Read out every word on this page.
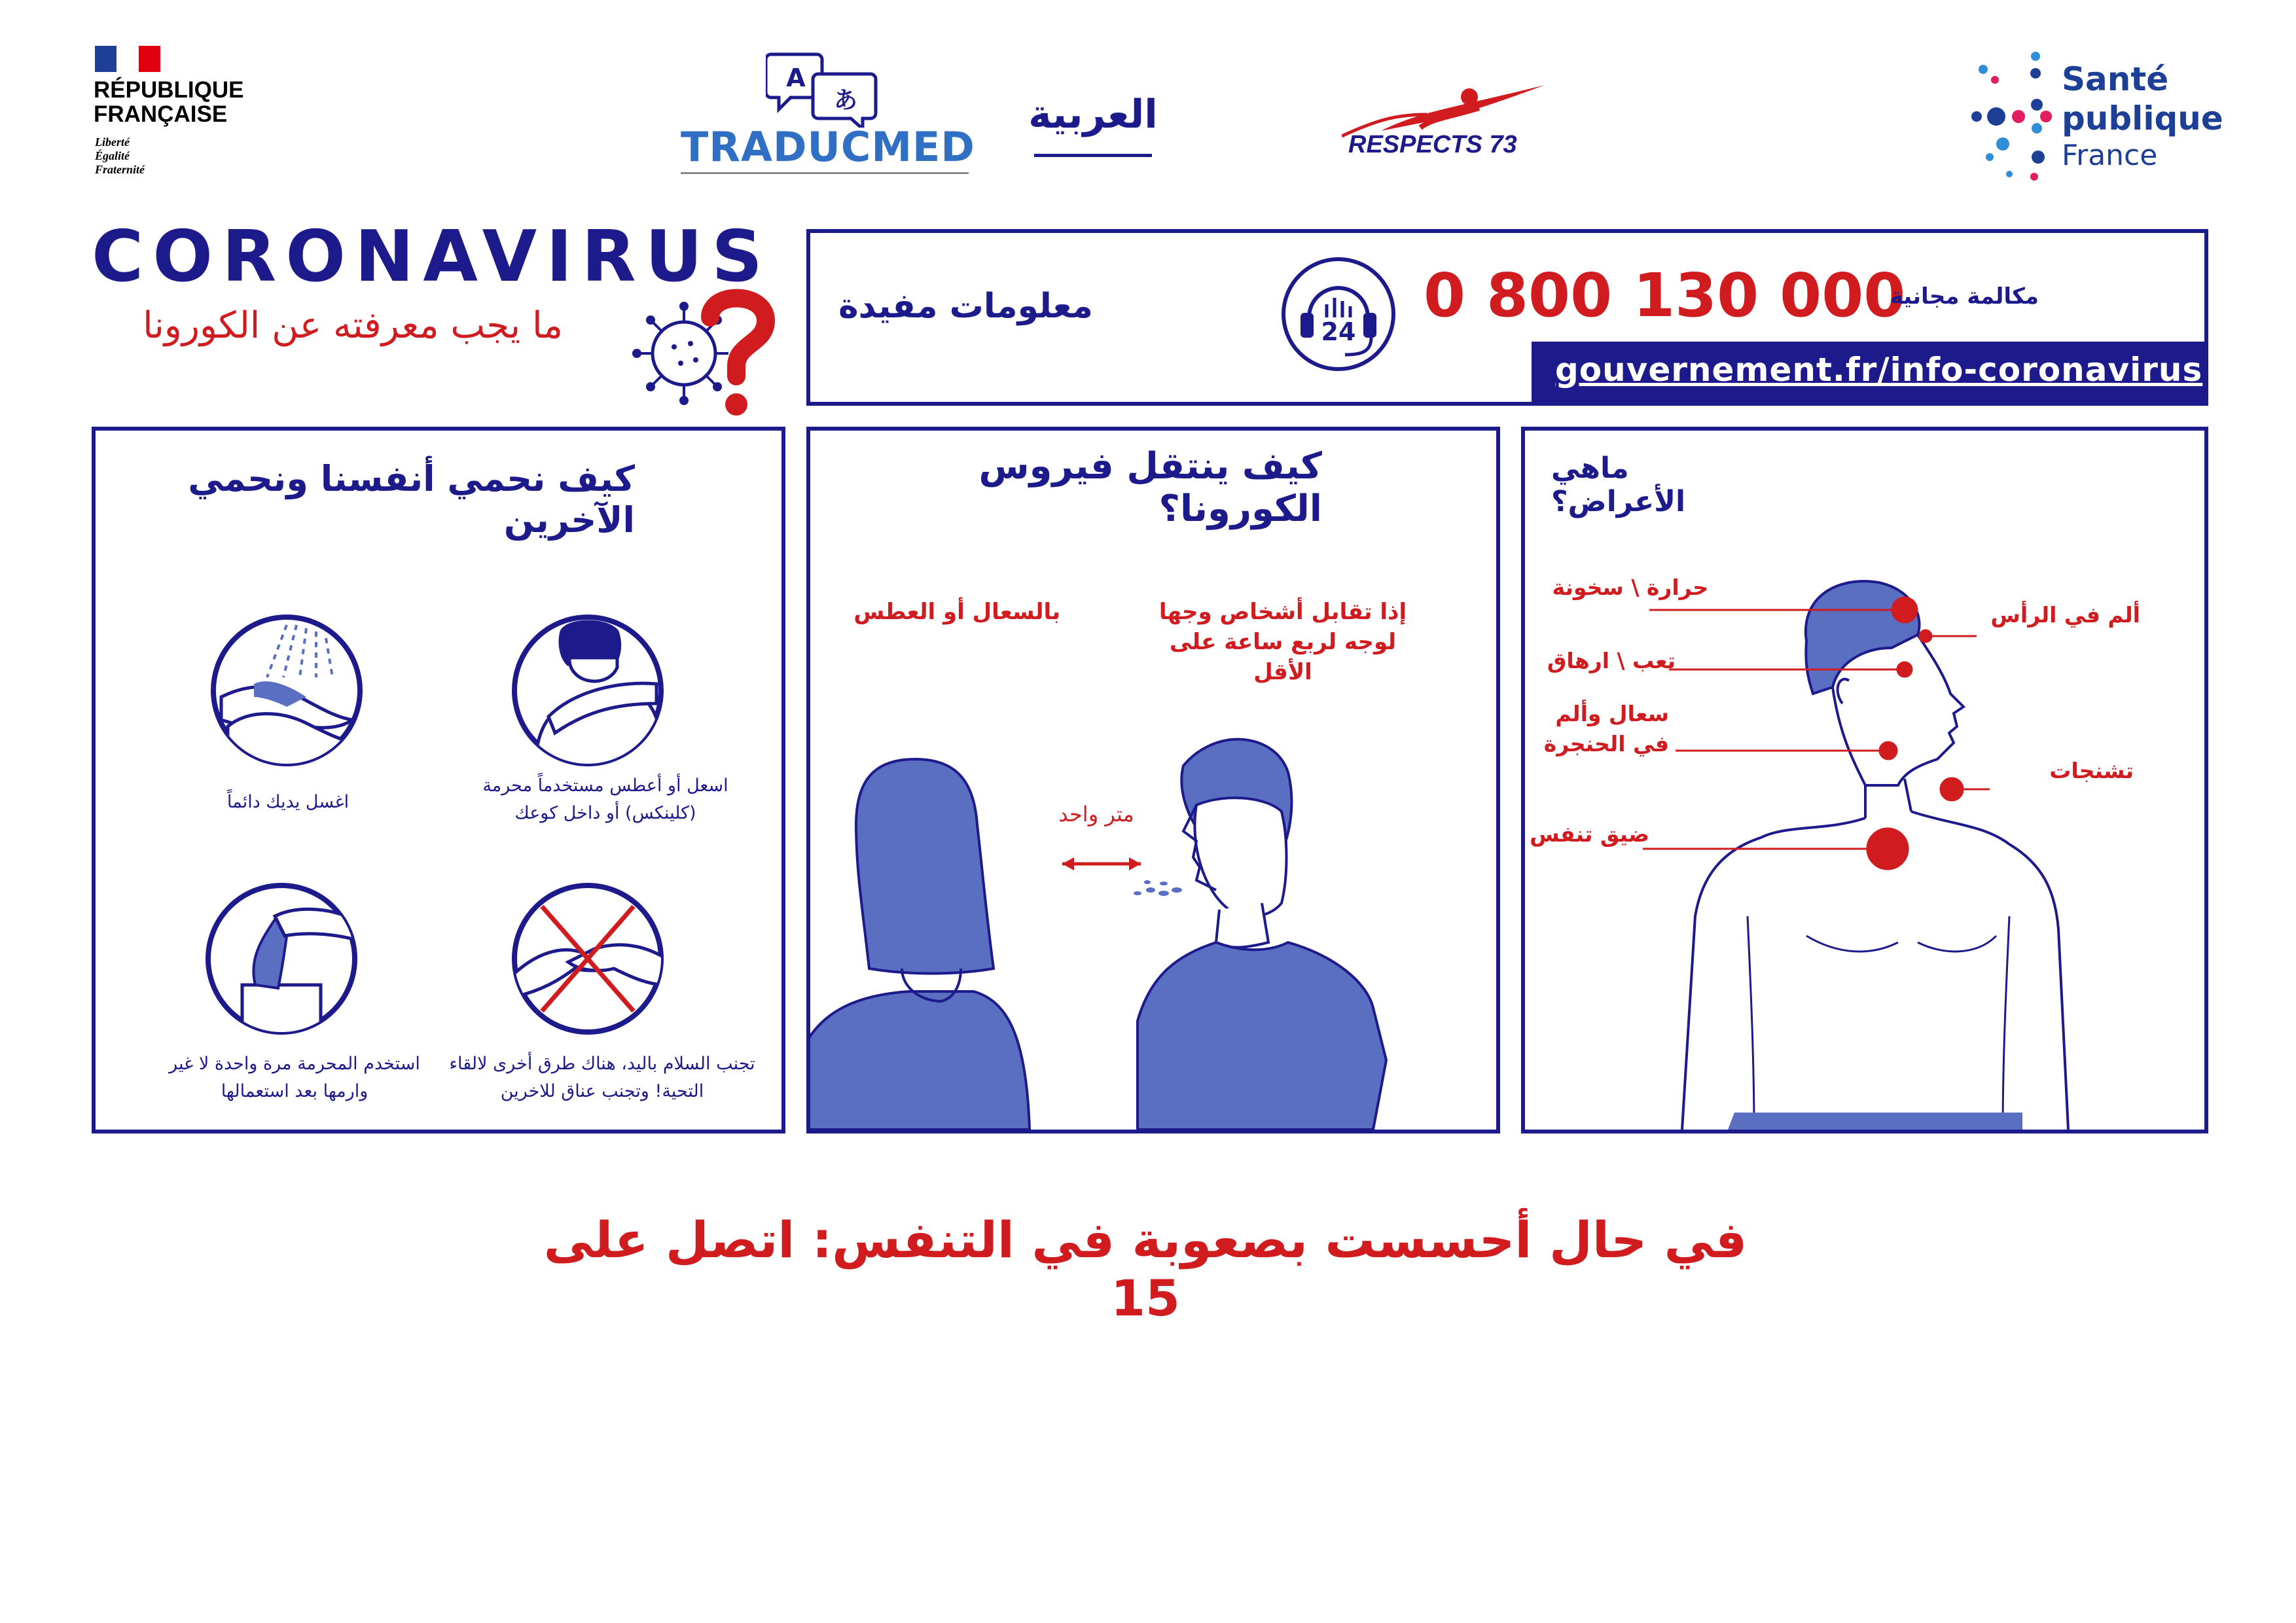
RÉPUBLIQUE
FRANÇAISE
Liberté
Égalité
Fraternité
A
あ
TRADUCMED
العربية
RESPECTS 73
Santé
publique
France
CORONAVIRUS
ما يجب معرفته عن الكورونا	معلومات مفيدة
24
0 800 130 000
مكالمة مجانية
gouvernement.fr/info-coronavirus
كيف نحمي أنفسنا ونحمي الآخرين
اسعل أو أعطس مستخدماً محرمة (كلينكس) أو داخل كوعك
اغسل يديك دائماً
تجنب السلام باليد، هناك طرق أخرى لالقاء التحية! وتجنب عناق للاخرين
استخدم المحرمة مرة واحدة لا غير وارمها بعد استعمالها
كيف ينتقل فيروس الكورونا؟
إذا تقابل أشخاص وجها لوجه لربع ساعة على الأقل
بالسعال أو العطس
متر واحد
ماهي الأعراض؟
حرارة \ سخونة
ألم في الرأس
تعب \ ارهاق
سعال وألم في الحنجرة
تشنجات
ضيق تنفس
في حال أحسست بصعوبة في التنفس: اتصل على 15
